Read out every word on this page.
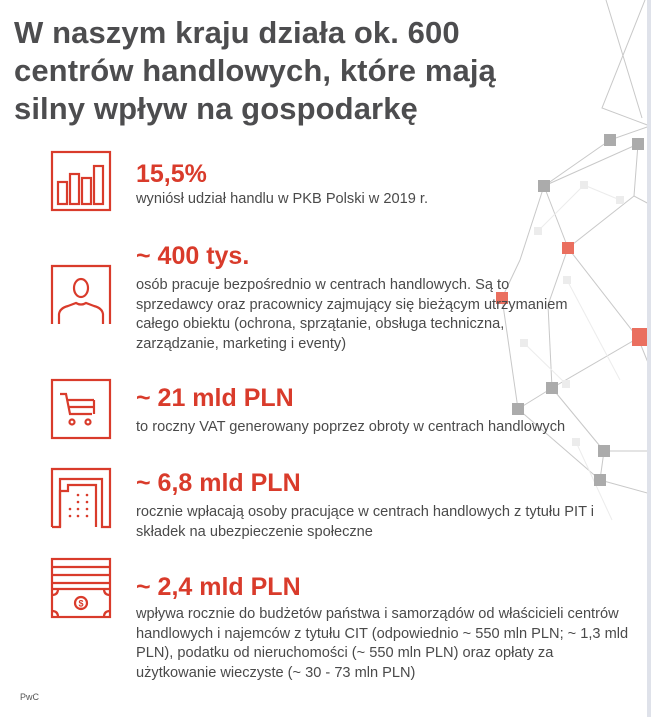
W naszym kraju działa ok. 600 centrów handlowych, które mają silny wpływ na gospodarkę
15,5%
wyniósł udział handlu w PKB Polski w 2019 r.
~ 400 tys.
osób pracuje bezpośrednio w centrach handlowych. Są to sprzedawcy oraz pracownicy zajmujący się bieżącym utrzymaniem całego obiektu (ochrona, sprzątanie, obsługa techniczna, zarządzanie, marketing i eventy)
~ 21 mld PLN
to roczny VAT generowany poprzez obroty w centrach handlowych
~ 6,8 mld PLN
rocznie wpłacają osoby pracujące w centrach handlowych z tytułu PIT i składek na ubezpieczenie społeczne
$
~ 2,4 mld PLN
wpływa rocznie do budżetów państwa i samorządów od właścicieli centrów handlowych i najemców z tytułu CIT (odpowiednio ~ 550 mln PLN; ~ 1,3 mld PLN), podatku od nieruchomości (~ 550 mln PLN) oraz opłaty za użytkowanie wieczyste (~ 30 - 73 mln PLN)
PwC
